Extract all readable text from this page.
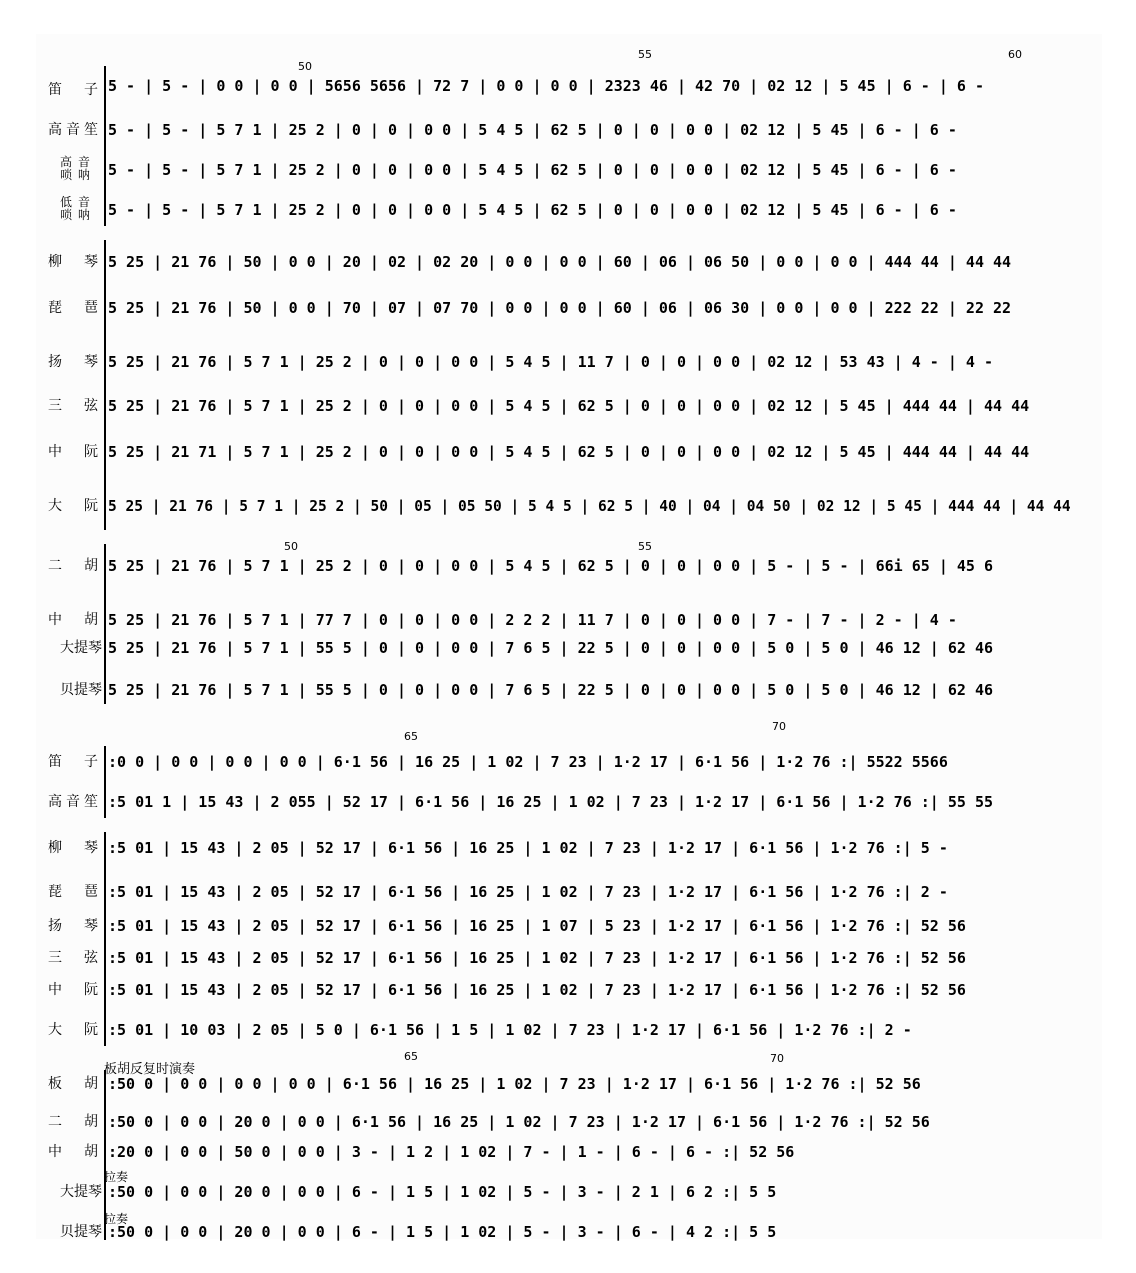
50
55	60
50	55
笛　子 5 - | 5 - | 0 0 | 0 0 | 5656 5656 | 72 7 | 0 0 | 0 0 | 2323 46 | 42 70 | 02 12 | 5 45 | 6 - | 6 -
高音笙 5 - | 5 - | 5 7 1 | 25 2 | 0 | 0 | 0 0 | 5 4 5 | 62 5 | 0 | 0 | 0 0 | 02 12 | 5 45 | 6 - | 6 -
高音唢呐 5 - | 5 - | 5 7 1 | 25 2 | 0 | 0 | 0 0 | 5 4 5 | 62 5 | 0 | 0 | 0 0 | 02 12 | 5 45 | 6 - | 6 -
低音唢呐 5 - | 5 - | 5 7 1 | 25 2 | 0 | 0 | 0 0 | 5 4 5 | 62 5 | 0 | 0 | 0 0 | 02 12 | 5 45 | 6 - | 6 -
柳　琴 5 25 | 21 76 | 50 | 0 0 | 20 | 02 | 02 20 | 0 0 | 0 0 | 60 | 06 | 06 50 | 0 0 | 0 0 | 444 44 | 44 44
琵　琶 5 25 | 21 76 | 50 | 0 0 | 70 | 07 | 07 70 | 0 0 | 0 0 | 60 | 06 | 06 30 | 0 0 | 0 0 | 222 22 | 22 22
扬　琴 5 25 | 21 76 | 5 7 1 | 25 2 | 0 | 0 | 0 0 | 5 4 5 | 11 7 | 0 | 0 | 0 0 | 02 12 | 53 43 | 4 - | 4 -
三　弦 5 25 | 21 76 | 5 7 1 | 25 2 | 0 | 0 | 0 0 | 5 4 5 | 62 5 | 0 | 0 | 0 0 | 02 12 | 5 45 | 444 44 | 44 44
中　阮 5 25 | 21 71 | 5 7 1 | 25 2 | 0 | 0 | 0 0 | 5 4 5 | 62 5 | 0 | 0 | 0 0 | 02 12 | 5 45 | 444 44 | 44 44
大　阮 5 25 | 21 76 | 5 7 1 | 25 2 | 50 | 05 | 05 50 | 5 4 5 | 62 5 | 40 | 04 | 04 50 | 02 12 | 5 45 | 444 44 | 44 44
二　胡 5 25 | 21 76 | 5 7 1 | 25 2 | 0 | 0 | 0 0 | 5 4 5 | 62 5 | 0 | 0 | 0 0 | 5 - | 5 - | 66i 65 | 45 6
中　胡 5 25 | 21 76 | 5 7 1 | 77 7 | 0 | 0 | 0 0 | 2 2 2 | 11 7 | 0 | 0 | 0 0 | 7 - | 7 - | 2 - | 4 -
大提琴 5 25 | 21 76 | 5 7 1 | 55 5 | 0 | 0 | 0 0 | 7 6 5 | 22 5 | 0 | 0 | 0 0 | 5 0 | 5 0 | 46 12 | 62 46
贝提琴 5 25 | 21 76 | 5 7 1 | 55 5 | 0 | 0 | 0 0 | 7 6 5 | 22 5 | 0 | 0 | 0 0 | 5 0 | 5 0 | 46 12 | 62 46
65
70
板胡反复时演奏
65	70
拉奏
拉奏
笛　子 :0 0 | 0 0 | 0 0 | 0 0 | 6·1 56 | 16 25 | 1 02 | 7 23 | 1·2 17 | 6·1 56 | 1·2 76 :| 5522 5566
高音笙 :5 01 1 | 15 43 | 2 055 | 52 17 | 6·1 56 | 16 25 | 1 02 | 7 23 | 1·2 17 | 6·1 56 | 1·2 76 :| 55 55
柳　琴 :5 01 | 15 43 | 2 05 | 52 17 | 6·1 56 | 16 25 | 1 02 | 7 23 | 1·2 17 | 6·1 56 | 1·2 76 :| 5 -
琵　琶 :5 01 | 15 43 | 2 05 | 52 17 | 6·1 56 | 16 25 | 1 02 | 7 23 | 1·2 17 | 6·1 56 | 1·2 76 :| 2 -
扬　琴 :5 01 | 15 43 | 2 05 | 52 17 | 6·1 56 | 16 25 | 1 07 | 5 23 | 1·2 17 | 6·1 56 | 1·2 76 :| 52 56
三　弦 :5 01 | 15 43 | 2 05 | 52 17 | 6·1 56 | 16 25 | 1 02 | 7 23 | 1·2 17 | 6·1 56 | 1·2 76 :| 52 56
中　阮 :5 01 | 15 43 | 2 05 | 52 17 | 6·1 56 | 16 25 | 1 02 | 7 23 | 1·2 17 | 6·1 56 | 1·2 76 :| 52 56
大　阮 :5 01 | 10 03 | 2 05 | 5 0 | 6·1 56 | 1 5 | 1 02 | 7 23 | 1·2 17 | 6·1 56 | 1·2 76 :| 2 -
板　胡 :50 0 | 0 0 | 0 0 | 0 0 | 6·1 56 | 16 25 | 1 02 | 7 23 | 1·2 17 | 6·1 56 | 1·2 76 :| 52 56
二　胡 :50 0 | 0 0 | 20 0 | 0 0 | 6·1 56 | 16 25 | 1 02 | 7 23 | 1·2 17 | 6·1 56 | 1·2 76 :| 52 56
中　胡 :20 0 | 0 0 | 50 0 | 0 0 | 3 - | 1 2 | 1 02 | 7 - | 1 - | 6 - | 6 - :| 52 56
大提琴 :50 0 | 0 0 | 20 0 | 0 0 | 6 - | 1 5 | 1 02 | 5 - | 3 - | 2 1 | 6 2 :| 5 5
贝提琴 :50 0 | 0 0 | 20 0 | 0 0 | 6 - | 1 5 | 1 02 | 5 - | 3 - | 6 - | 4 2 :| 5 5
